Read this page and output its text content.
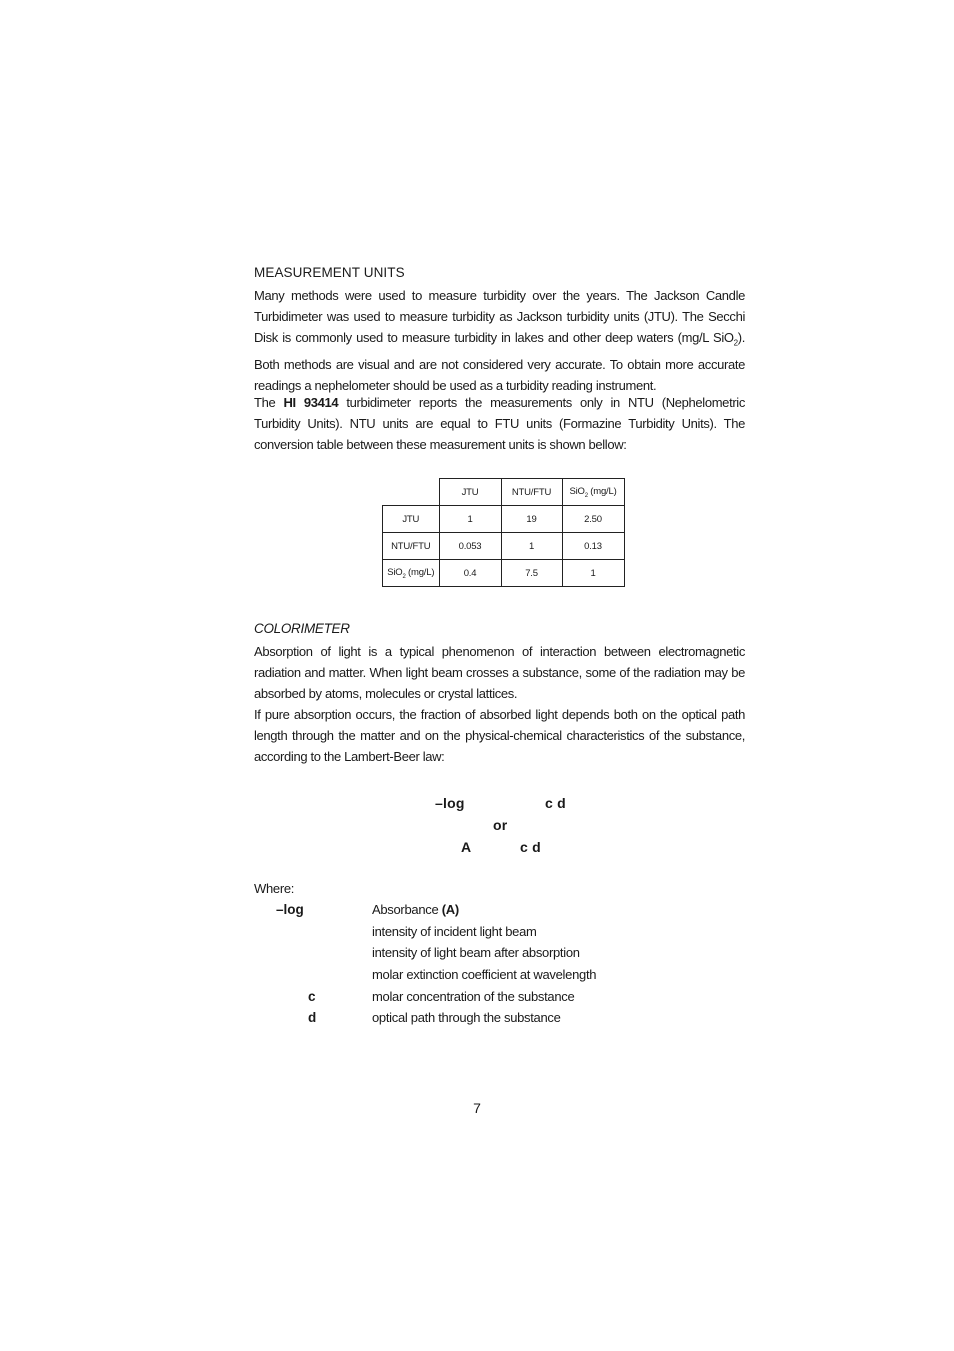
MEASUREMENT UNITS
Many methods were used to measure turbidity over the years. The Jackson Candle Turbidimeter was used to measure turbidity as Jackson turbidity units (JTU). The Secchi Disk is commonly used to measure turbidity in lakes and other deep waters (mg/L SiO$_2$). Both methods are visual and are not considered very accurate. To obtain more accurate readings a nephelometer should be used as a turbidity reading instrument.
The HI 93414 turbidimeter reports the measurements only in NTU (Nephelometric Turbidity Units). NTU units are equal to FTU units (Formazine Turbidity Units). The conversion table between these measurement units is shown bellow:
	JTU	NTU/FTU	SiO$_2$ (mg/L)
JTU	1	19	2.50
NTU/FTU	0.053	1	0.13
SiO$_2$ (mg/L)	0.4	7.5	1
COLORIMETER
Absorption of light is a typical phenomenon of interaction between electromagnetic radiation and matter. When light beam crosses a substance, some of the radiation may be absorbed by atoms, molecules or crystal lattices.
If pure absorption occurs, the fraction of absorbed light depends both on the optical path length through the matter and on the physical-chemical characteristics of the substance, according to the Lambert-Beer law:
–log	c d
or
A	c d
Where:
–log	Absorbance (A)
intensity of incident light beam
intensity of light beam after absorption
molar extinction coefficient at wavelength
c	molar concentration of the substance
d	optical path through the substance
7
